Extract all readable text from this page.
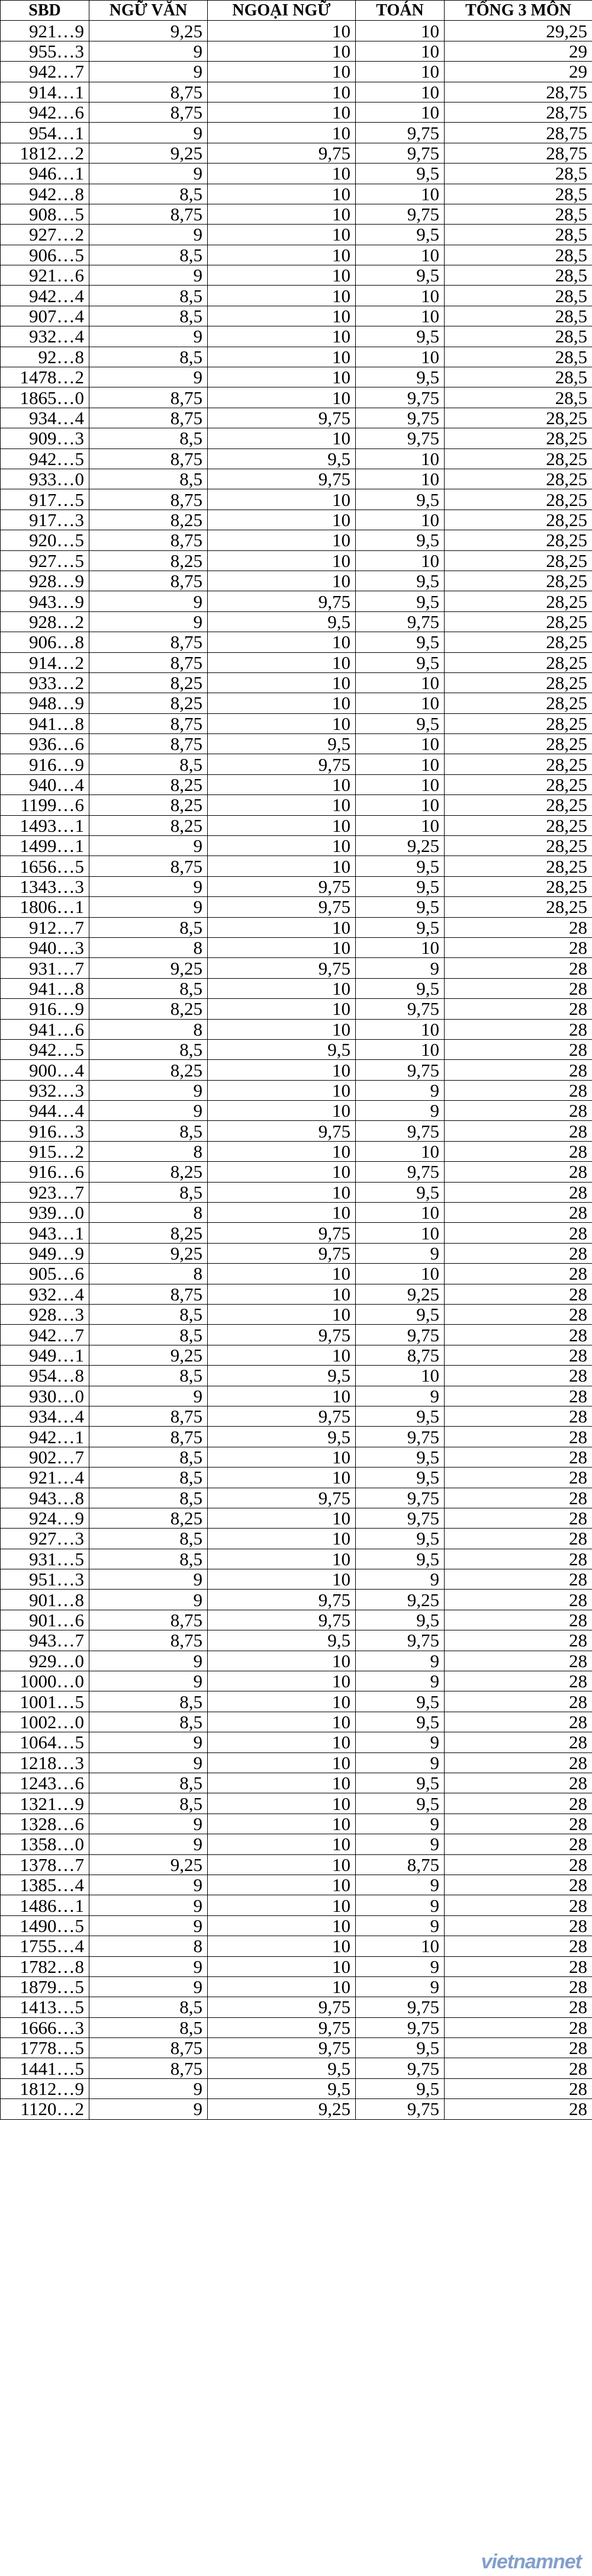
SBD	NGỮ VĂN	NGOẠI NGỮ	TOÁN	TỔNG 3 MÔN
921…9	9,25	10	10	29,25
955…3	9	10	10	29
942…7	9	10	10	29
914…1	8,75	10	10	28,75
942…6	8,75	10	10	28,75
954…1	9	10	9,75	28,75
1812…2	9,25	9,75	9,75	28,75
946…1	9	10	9,5	28,5
942…8	8,5	10	10	28,5
908…5	8,75	10	9,75	28,5
927…2	9	10	9,5	28,5
906…5	8,5	10	10	28,5
921…6	9	10	9,5	28,5
942…4	8,5	10	10	28,5
907…4	8,5	10	10	28,5
932…4	9	10	9,5	28,5
92…8	8,5	10	10	28,5
1478…2	9	10	9,5	28,5
1865…0	8,75	10	9,75	28,5
934…4	8,75	9,75	9,75	28,25
909…3	8,5	10	9,75	28,25
942…5	8,75	9,5	10	28,25
933…0	8,5	9,75	10	28,25
917…5	8,75	10	9,5	28,25
917…3	8,25	10	10	28,25
920…5	8,75	10	9,5	28,25
927…5	8,25	10	10	28,25
928…9	8,75	10	9,5	28,25
943…9	9	9,75	9,5	28,25
928…2	9	9,5	9,75	28,25
906…8	8,75	10	9,5	28,25
914…2	8,75	10	9,5	28,25
933…2	8,25	10	10	28,25
948…9	8,25	10	10	28,25
941…8	8,75	10	9,5	28,25
936…6	8,75	9,5	10	28,25
916…9	8,5	9,75	10	28,25
940…4	8,25	10	10	28,25
1199…6	8,25	10	10	28,25
1493…1	8,25	10	10	28,25
1499…1	9	10	9,25	28,25
1656…5	8,75	10	9,5	28,25
1343…3	9	9,75	9,5	28,25
1806…1	9	9,75	9,5	28,25
912…7	8,5	10	9,5	28
940…3	8	10	10	28
931…7	9,25	9,75	9	28
941…8	8,5	10	9,5	28
916…9	8,25	10	9,75	28
941…6	8	10	10	28
942…5	8,5	9,5	10	28
900…4	8,25	10	9,75	28
932…3	9	10	9	28
944…4	9	10	9	28
916…3	8,5	9,75	9,75	28
915…2	8	10	10	28
916…6	8,25	10	9,75	28
923…7	8,5	10	9,5	28
939…0	8	10	10	28
943…1	8,25	9,75	10	28
949…9	9,25	9,75	9	28
905…6	8	10	10	28
932…4	8,75	10	9,25	28
928…3	8,5	10	9,5	28
942…7	8,5	9,75	9,75	28
949…1	9,25	10	8,75	28
954…8	8,5	9,5	10	28
930…0	9	10	9	28
934…4	8,75	9,75	9,5	28
942…1	8,75	9,5	9,75	28
902…7	8,5	10	9,5	28
921…4	8,5	10	9,5	28
943…8	8,5	9,75	9,75	28
924…9	8,25	10	9,75	28
927…3	8,5	10	9,5	28
931…5	8,5	10	9,5	28
951…3	9	10	9	28
901…8	9	9,75	9,25	28
901…6	8,75	9,75	9,5	28
943…7	8,75	9,5	9,75	28
929…0	9	10	9	28
1000…0	9	10	9	28
1001…5	8,5	10	9,5	28
1002…0	8,5	10	9,5	28
1064…5	9	10	9	28
1218…3	9	10	9	28
1243…6	8,5	10	9,5	28
1321…9	8,5	10	9,5	28
1328…6	9	10	9	28
1358…0	9	10	9	28
1378…7	9,25	10	8,75	28
1385…4	9	10	9	28
1486…1	9	10	9	28
1490…5	9	10	9	28
1755…4	8	10	10	28
1782…8	9	10	9	28
1879…5	9	10	9	28
1413…5	8,5	9,75	9,75	28
1666…3	8,5	9,75	9,75	28
1778…5	8,75	9,75	9,5	28
1441…5	8,75	9,5	9,75	28
1812…9	9	9,5	9,5	28
1120…2	9	9,25	9,75	28
vietnamnet
